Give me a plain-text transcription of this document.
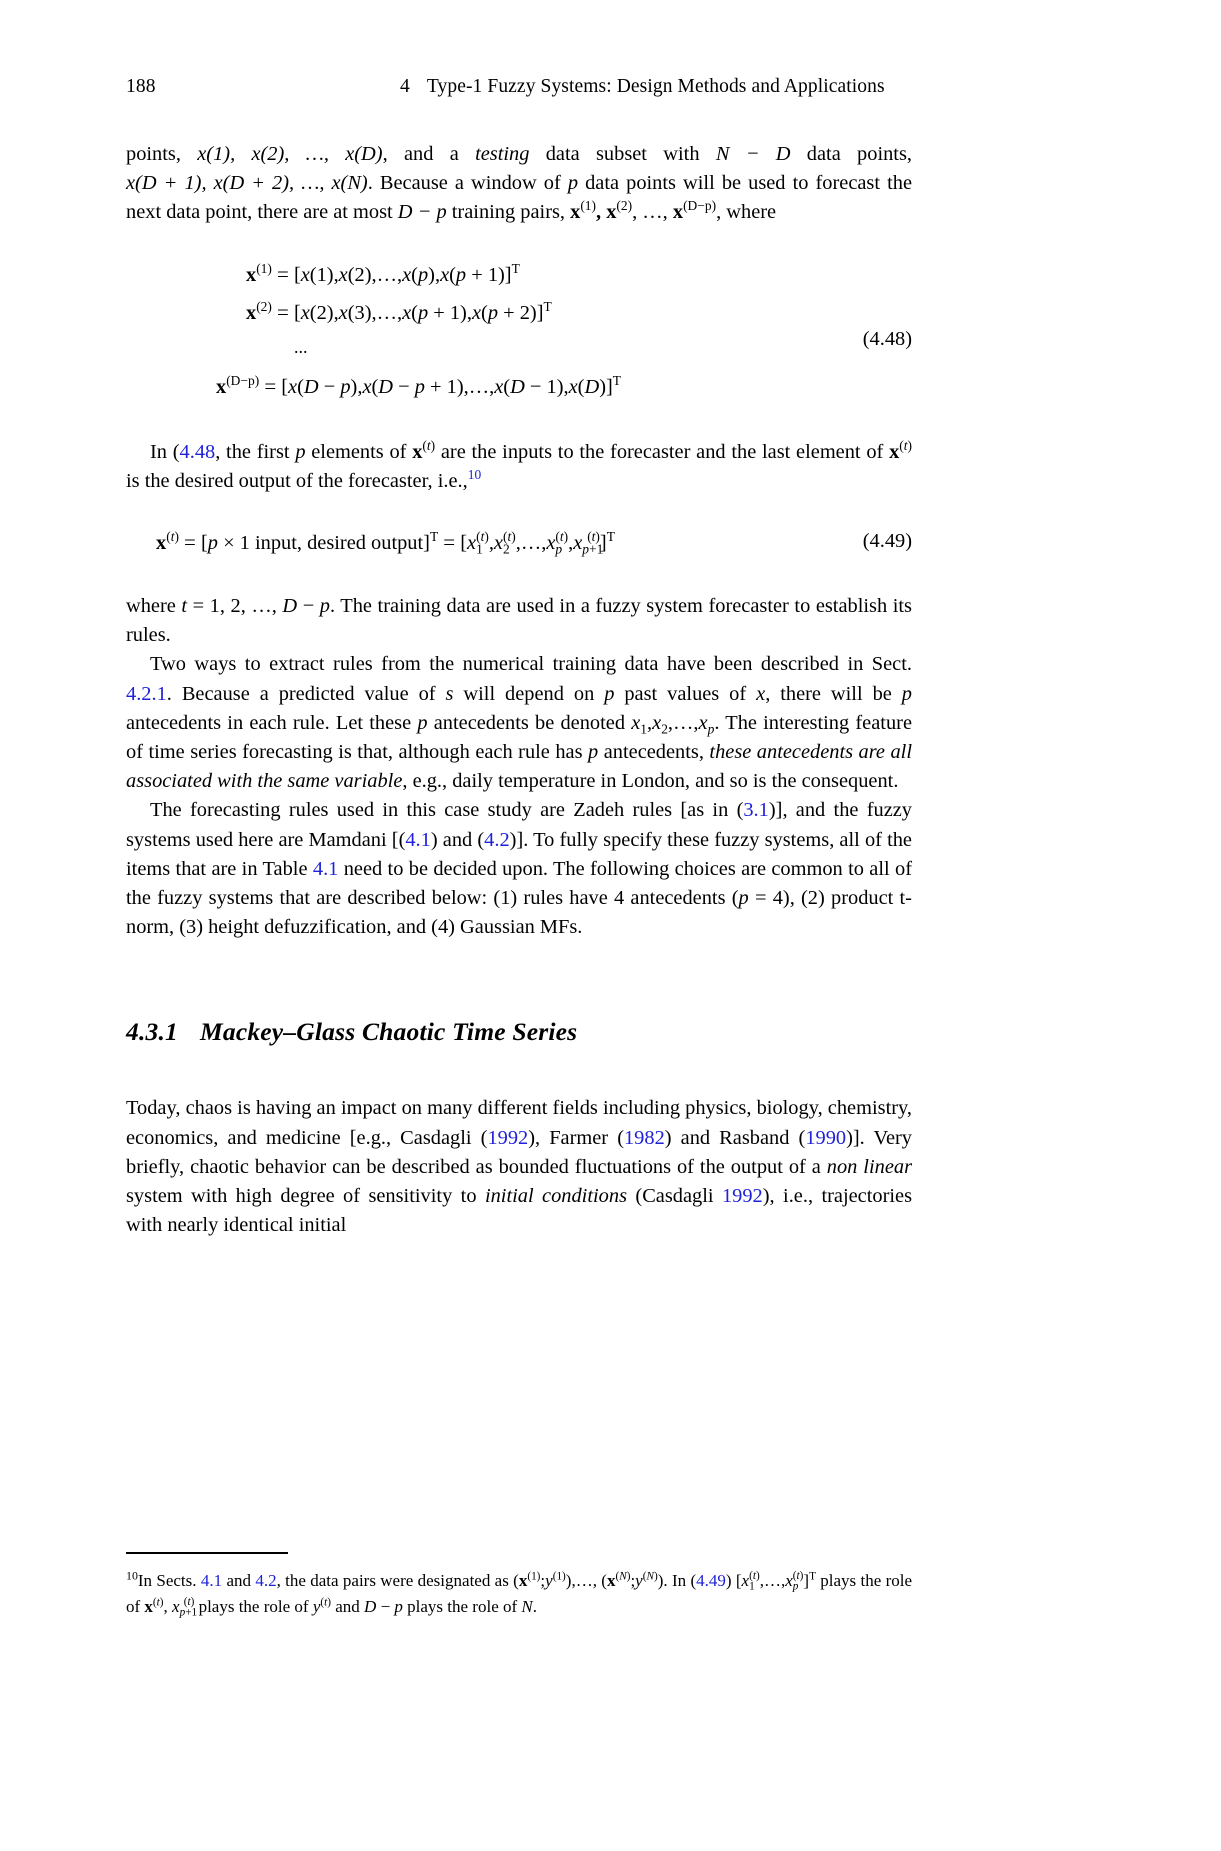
188	4 Type-1 Fuzzy Systems: Design Methods and Applications

points, x(1), x(2), …, x(D), and a testing data subset with N − D data points, x(D + 1), x(D + 2), …, x(N). Because a window of p data points will be used to forecast the next data point, there are at most D − p training pairs, $x^{(1)}$, $x^{(2)}$, …, $x^{(D-p)}$, where

$x^{(1)}$ = [x(1),x(2),…,x(p),x(p + 1)]$^T$
$x^{(2)}$ = [x(2),x(3),…,x(p + 1),x(p + 2)]$^T$
...
$x^{(D-p)} = [x(D - p),x(D - p$ + 1),…,x(D − 1),x(D)]$^T$
(4.48)

In (4.48, the first p elements of $x^{(t)}$ are the inputs to the forecaster and the last element of $x^{(t)}$ is the desired output of the forecaster, i.e.,$^{10}$

$x^{(t)} = [p \times 1$ input, desired output]$^T$ = $[x_1^{(t)},x_2^{(t)},\dots,x_p^{(t)},x_{p+1}^{(t)}]^T$	(4.49)

where t = 1, 2, …, D − p. The training data are used in a fuzzy system forecaster to establish its rules.

Two ways to extract rules from the numerical training data have been described in Sect. 4.2.1. Because a predicted value of s will depend on p past values of x, there will be p antecedents in each rule. Let these p antecedents be denoted $x_1,x_2,\dots,x_p$. The interesting feature of time series forecasting is that, although each rule has p antecedents, these antecedents are all associated with the same variable, e.g., daily temperature in London, and so is the consequent.

The forecasting rules used in this case study are Zadeh rules [as in (3.1)], and the fuzzy systems used here are Mamdani [(4.1) and (4.2)]. To fully specify these fuzzy systems, all of the items that are in Table 4.1 need to be decided upon. The following choices are common to all of the fuzzy systems that are described below: (1) rules have 4 antecedents (p = 4), (2) product t-norm, (3) height defuzzification, and (4) Gaussian MFs.

4.3.1 Mackey–Glass Chaotic Time Series

Today, chaos is having an impact on many different fields including physics, biology, chemistry, economics, and medicine [e.g., Casdagli (1992), Farmer (1982) and Rasband (1990)]. Very briefly, chaotic behavior can be described as bounded fluctuations of the output of a non linear system with high degree of sensitivity to initial conditions (Casdagli 1992), i.e., trajectories with nearly identical initial

$^{10}$In Sects. 4.1 and 4.2, the data pairs were designated as $(x^{(1)};y^{(1)}),\dots$, $(x^{(N)};y^{(N)})$. In (4.49) $[x_1^{(t)},\dots,x_p^{(t)}]^T$ plays the role of $x^{(t)}$, $x_{p+1}^{(t)}$ plays the role of $y^{(t)}$ and D − p plays the role of N.
